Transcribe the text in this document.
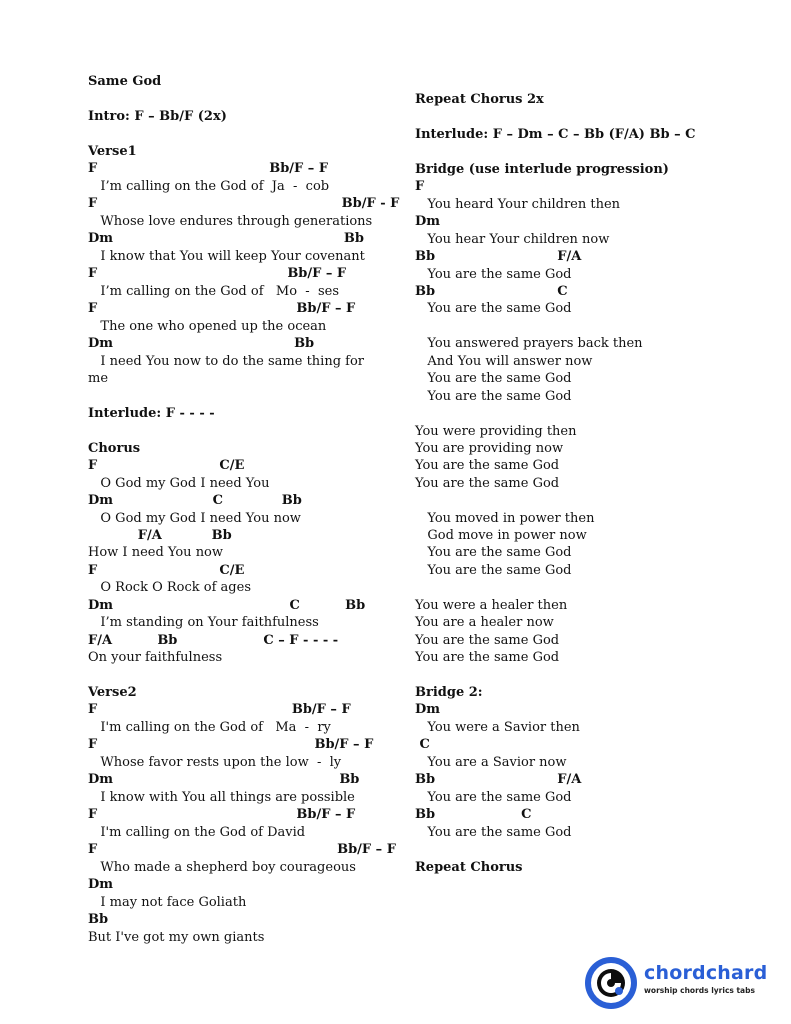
Same God
Intro: F – Bb/F (2x)
Verse1
F                                      Bb/F – F
I’m calling on the God of  Ja  -  cob
F                                                      Bb/F - F
Whose love endures through generations
Dm                                                   Bb
I know that You will keep Your covenant
F                                          Bb/F – F
I’m calling on the God of   Mo  -  ses
F                                            Bb/F – F
The one who opened up the ocean
Dm                                        Bb
I need You now to do the same thing for
me
Interlude: F - - - -
Chorus
F                           C/E
O God my God I need You
Dm                      C             Bb
O God my God I need You now
F/A           Bb
How I need You now
F                           C/E
O Rock O Rock of ages
Dm                                       C          Bb
I’m standing on Your faithfulness
F/A          Bb                   C – F - - - -
On your faithfulness
Verse2
F                                           Bb/F – F
I'm calling on the God of   Ma  -  ry
F                                                Bb/F – F
Whose favor rests upon the low  -  ly
Dm                                                  Bb
I know with You all things are possible
F                                            Bb/F – F
I'm calling on the God of David
F                                                     Bb/F – F
Who made a shepherd boy courageous
Dm
I may not face Goliath
Bb
But I've got my own giants
Repeat Chorus 2x
Interlude: F – Dm – C – Bb (F/A) Bb – C
Bridge (use interlude progression)
F
You heard Your children then
Dm
You hear Your children now
Bb                           F/A
You are the same God
Bb                           C
You are the same God
You answered prayers back then
And You will answer now
You are the same God
You are the same God
You were providing then
You are providing now
You are the same God
You are the same God
You moved in power then
God move in power now
You are the same God
You are the same God
You were a healer then
You are a healer now
You are the same God
You are the same God
Bridge 2:
Dm
You were a Savior then
C
You are a Savior now
Bb                           F/A
You are the same God
Bb                   C
You are the same God
Repeat Chorus
chordchard
worship chords lyrics tabs
